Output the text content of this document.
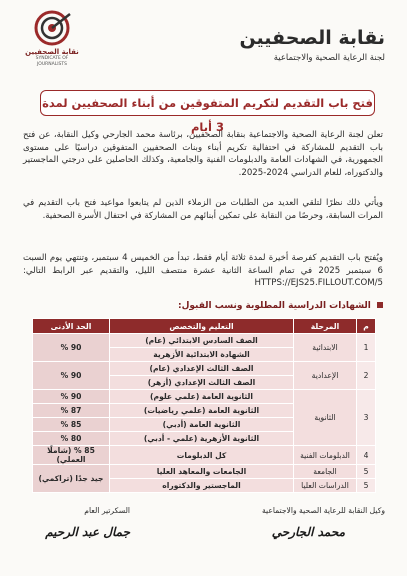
نقابة الصحفيين
SYNDICATE OF JOURNALISTS
نقابة الصحفيين
لجنة الرعاية الصحية والاجتماعية
فتح باب التقديم لتكريم المتفوقين من أبناء الصحفيين لمدة 3 أيام
تعلن لجنة الرعاية الصحية والاجتماعية بنقابة الصحفيين، برئاسة محمد الجارحي وكيل النقابة، عن فتح باب التقديم للمشاركة في احتفالية تكريم أبناء وبنات الصحفيين المتفوقين دراسيًا على مستوى الجمهورية، في الشهادات العامة والدبلومات الفنية والجامعية، وكذلك الحاصلين على درجتي الماجستير والدكتوراه، للعام الدراسي 2024-2025.
ويأتي ذلك نظرًا لتلقي العديد من الطلبات من الزملاء الذين لم يتابعوا مواعيد فتح باب التقديم في المرات السابقة، وحرصًا من النقابة على تمكين أبنائهم من المشاركة في احتفال الأسرة الصحفية.
ويُفتح باب التقديم كفرصة أخيرة لمدة ثلاثة أيام فقط، تبدأ من الخميس 4 سبتمبر، وتنتهي يوم السبت 6 سبتمبر 2025 في تمام الساعة الثانية عشرة منتصف الليل، والتقديم عبر الرابط التالي: HTTPS://EJS25.FILLOUT.COM/5
الشهادات الدراسية المطلوبة ونسب القبول:
م	المرحلة	التعليم والتخصص	الحد الأدنى
1	الابتدائية	الصف السادس الابتدائي (عام)	90 %
		الشهادة الابتدائية الأزهرية	
2	الإعدادية	الصف الثالث الإعدادي (عام)	90 %
		الصف الثالث الإعدادي (أزهر)	
3	الثانوية	الثانوية العامة (علمي علوم)	90 %
		الثانوية العامة (علمي رياضيات)	87 %
		الثانوية العامة (أدبي)	85 %
		الثانوية الأزهرية (علمي - أدبي)	80 %
4	الدبلومات الفنية	كل الدبلومات	85 % (شاملًا العملي)
5	الجامعة	الجامعات والمعاهد العليا	جيد جدًا (تراكمي)
5	الدراسات العليا	الماجستير والدكتوراه	
السكرتير العام
جمال عبد الرحيم
وكيل النقابة للرعاية الصحية والاجتماعية
محمد الجارحي
